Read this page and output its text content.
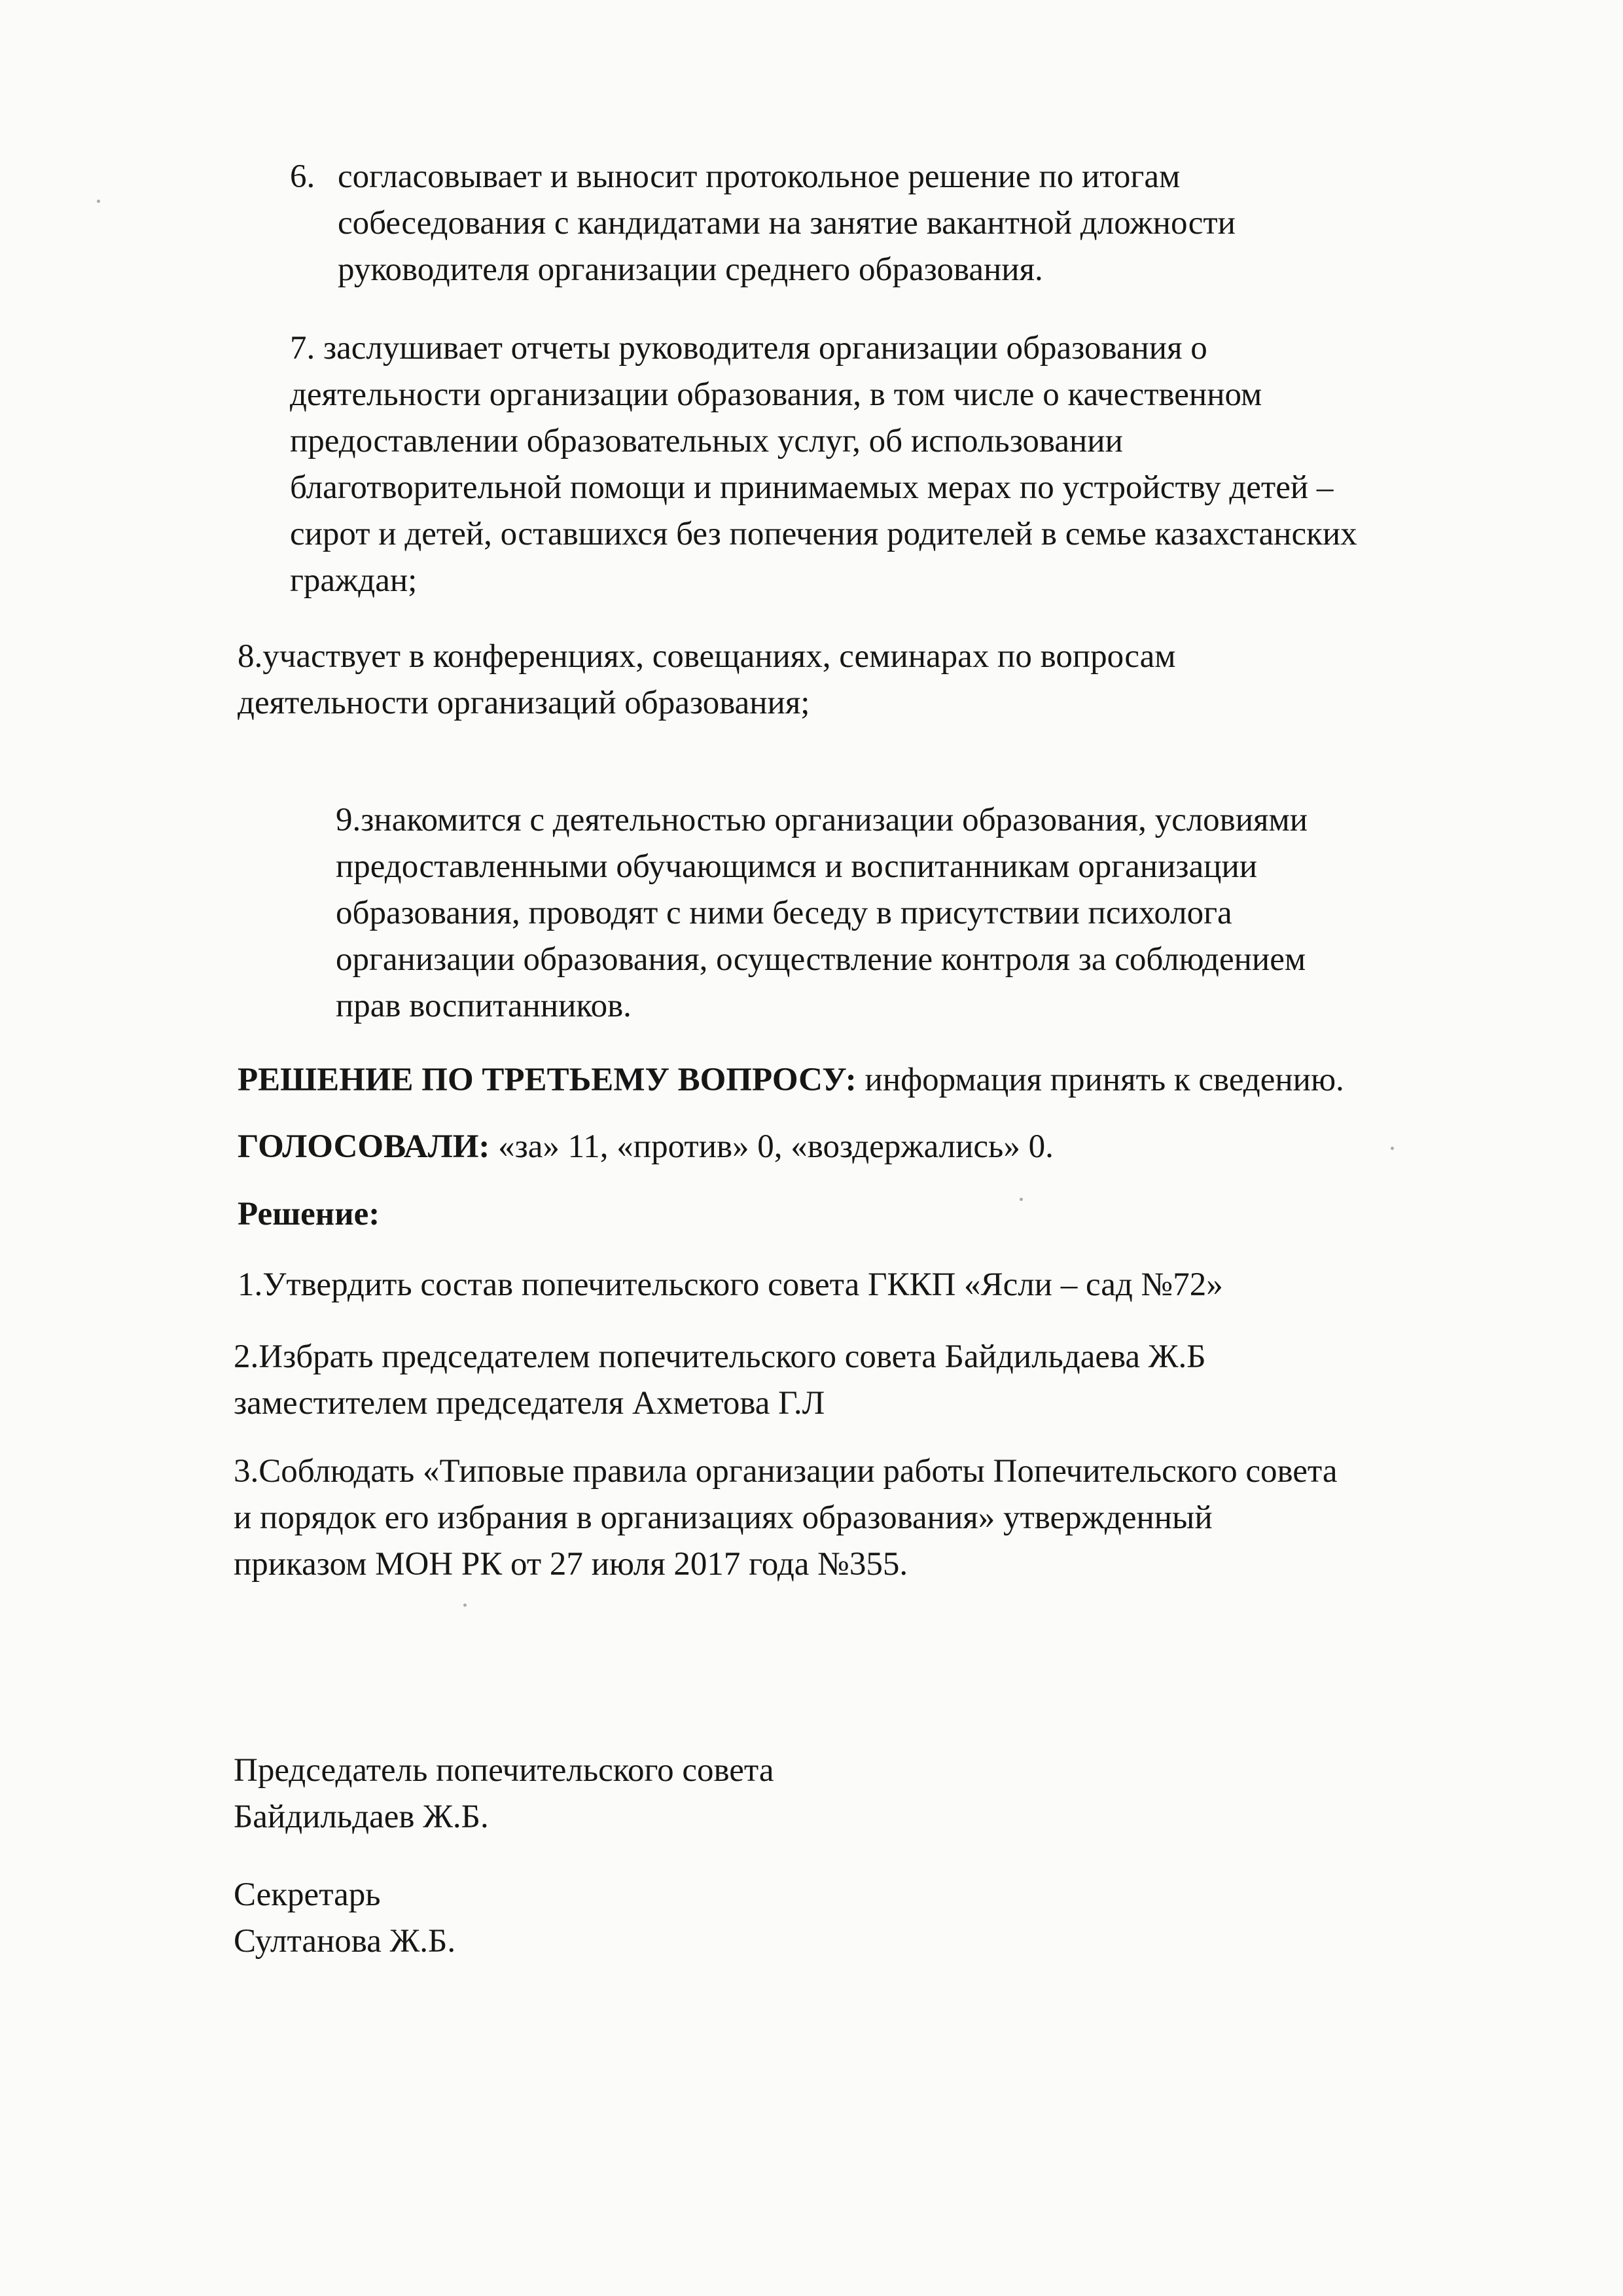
6. согласовывает и выносит протокольное решение по итогам
собеседования с кандидатами на занятие вакантной дложности
руководителя организации среднего образования.
7. заслушивает отчеты руководителя организации образования о
деятельности организации образования, в том числе о качественном
предоставлении образовательных услуг, об использовании
благотворительной помощи и принимаемых мерах по устройству детей –
сирот и детей, оставшихся без попечения родителей в семье казахстанских
граждан;
8.участвует в конференциях, совещаниях, семинарах по вопросам
деятельности организаций образования;
9.знакомится с деятельностью организации образования, условиями
предоставленными обучающимся и воспитанникам организации
образования, проводят с ними беседу в присутствии психолога
организации образования, осуществление контроля за соблюдением
прав воспитанников.
РЕШЕНИЕ ПО ТРЕТЬЕМУ ВОПРОСУ: информация принять к сведению.
ГОЛОСОВАЛИ: «за» 11, «против» 0, «воздержались» 0.
Решение:
1.Утвердить состав попечительского совета ГККП «Ясли – сад №72»
2.Избрать председателем попечительского совета Байдильдаева Ж.Б
заместителем председателя Ахметова Г.Л
3.Соблюдать «Типовые правила организации работы Попечительского совета
и порядок его избрания в организациях образования» утвержденный
приказом МОН РК от 27 июля 2017 года №355.
Председатель попечительского совета
Байдильдаев Ж.Б.
Секретарь
Султанова Ж.Б.
